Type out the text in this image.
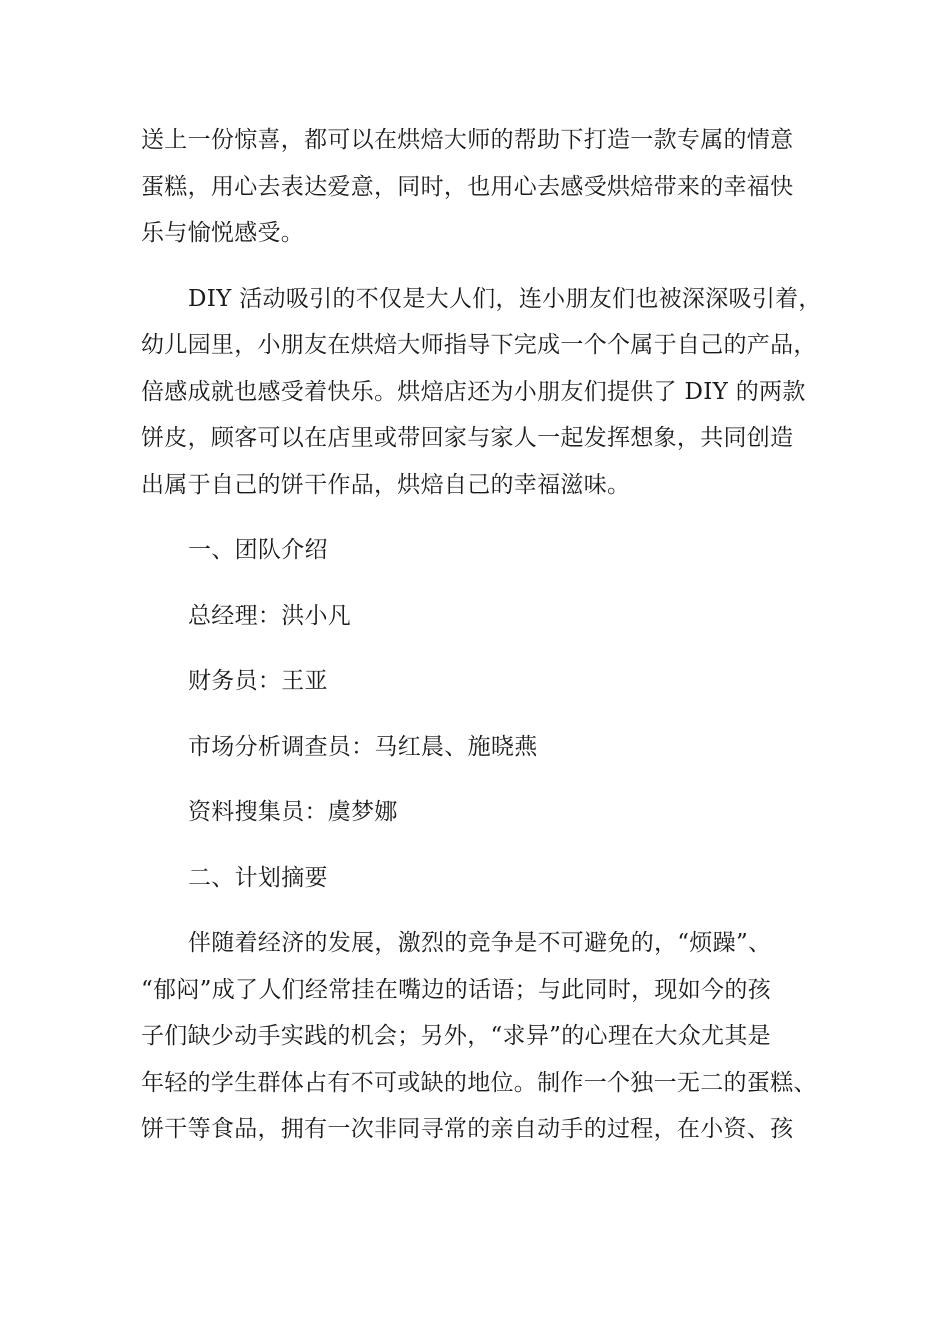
送上一份惊喜，都可以在烘焙大师的帮助下打造一款专属的情意
蛋糕，用心去表达爱意，同时，也用心去感受烘焙带来的幸福快
乐与愉悦感受。

DIY 活动吸引的不仅是大人们，连小朋友们也被深深吸引着，
幼儿园里，小朋友在烘焙大师指导下完成一个个属于自己的产品，
倍感成就也感受着快乐。烘焙店还为小朋友们提供了 DIY 的两款
饼皮，顾客可以在店里或带回家与家人一起发挥想象，共同创造
出属于自己的饼干作品，烘焙自己的幸福滋味。

一、团队介绍

总经理：洪小凡

财务员：王亚

市场分析调查员：马红晨、施晓燕

资料搜集员：虞梦娜

二、计划摘要

伴随着经济的发展，激烈的竞争是不可避免的，“烦躁”、
“郁闷”成了人们经常挂在嘴边的话语；与此同时，现如今的孩
子们缺少动手实践的机会；另外，“求异”的心理在大众尤其是
年轻的学生群体占有不可或缺的地位。制作一个独一无二的蛋糕、
饼干等食品，拥有一次非同寻常的亲自动手的过程，在小资、孩
